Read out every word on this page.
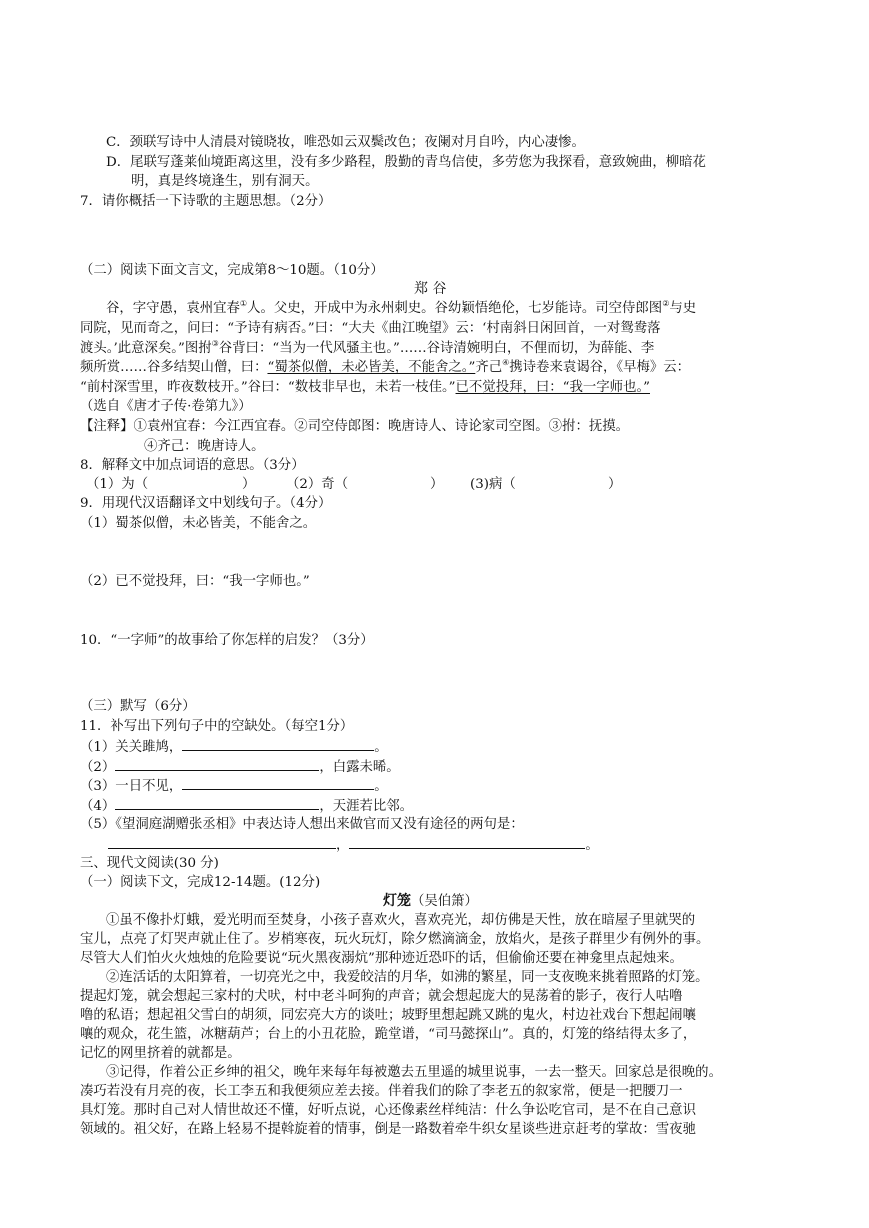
C．颈联写诗中人清晨对镜晓妆，唯恐如云双鬓改色；夜阑对月自吟，内心凄惨。
D．尾联写蓬莱仙境距离这里，没有多少路程，殷勤的青鸟信使，多劳您为我探看，意致婉曲，柳暗花
明，真是终境逢生，别有洞天。
7．请你概括一下诗歌的主题思想。（2分）
（二）阅读下面文言文，完成第8～10题。（10分）
郑 谷
谷，字守愚，袁州宜春①人。父史，开成中为永州刺史。谷幼颖悟绝伦，七岁能诗。司空侍郎图②与史
同院，见而奇之，问曰：“予诗有病否。”曰：“大夫《曲江晚望》云：‘村南斜日闲回首，一对鸳鸯落
渡头。’此意深矣。”图拊③谷背曰：“当为一代风骚主也。”……谷诗清婉明白，不俚而切，为薛能、李
频所赏……谷多结契山僧，曰：“蜀茶似僧，未必皆美，不能舍之。”齐己④携诗卷来袁谒谷，《早梅》云：
“前村深雪里，昨夜数枝开。”谷曰：“数枝非早也，未若一枝佳。”已不觉投拜，曰：“我一字师也。”
（选自《唐才子传·卷第九》）
【注释】①袁州宜春：今江西宜春。②司空侍郎图：晚唐诗人、诗论家司空图。③拊：抚摸。
④齐己：晚唐诗人。
8．解释文中加点词语的意思。（3分）
（1）为（	） （2）奇（	） (3)病（	）
9．用现代汉语翻译文中划线句子。（4分）
（1）蜀茶似僧，未必皆美，不能舍之。
（2）已不觉投拜，曰：“我一字师也。”
10．“一字师”的故事给了你怎样的启发？（3分）
（三）默写（6分）
11．补写出下列句子中的空缺处。（每空1分）
（1）关关雎鸠，	。
（2）	，白露未晞。
（3）一日不见，	。
（4）	，天涯若比邻。
（5）《望洞庭湖赠张丞相》中表达诗人想出来做官而又没有途径的两句是：
，	。
三、现代文阅读(30 分)
（一）阅读下文，完成12-14题。(12分)
灯笼（吴伯箫）
①虽不像扑灯蛾，爱光明而至焚身，小孩子喜欢火，喜欢亮光，却仿佛是天性，放在暗屋子里就哭的
宝儿，点亮了灯哭声就止住了。岁梢寒夜，玩火玩灯，除夕燃滴滴金，放焰火，是孩子群里少有例外的事。
尽管大人们怕火火烛烛的危险要说“玩火黑夜溺炕”那种迹近恐吓的话，但偷偷还要在神龛里点起烛来。
②连活话的太阳算着，一切亮光之中，我爱皎洁的月华，如沸的繁星，同一支夜晚来挑着照路的灯笼。
提起灯笼，就会想起三家村的犬吠，村中老斗呵狗的声音；就会想起庞大的晃荡着的影子，夜行人咕噜
噜的私语；想起祖父雪白的胡须，同宏亮大方的谈吐；坡野里想起跳又跳的鬼火，村边社戏台下想起闹嚷
嚷的观众，花生篮，冰糖葫芦；台上的小丑花脸，跪堂谱，“司马懿探山”。真的，灯笼的络结得太多了，
记忆的网里挤着的就都是。
③记得，作着公正乡绅的祖父，晚年来每年每被邀去五里遥的城里说事，一去一整天。回家总是很晚的。
凑巧若没有月亮的夜，长工李五和我便须应差去接。伴着我们的除了李老五的叙家常，便是一把腰刀一
具灯笼。那时自己对人情世故还不懂，好听点说，心还像素丝样纯洁：什么争讼吃官司，是不在自己意识
领域的。祖父好，在路上轻易不提斡旋着的情事，倒是一路数着牵牛织女星谈些进京赶考的掌故：雪夜驰
